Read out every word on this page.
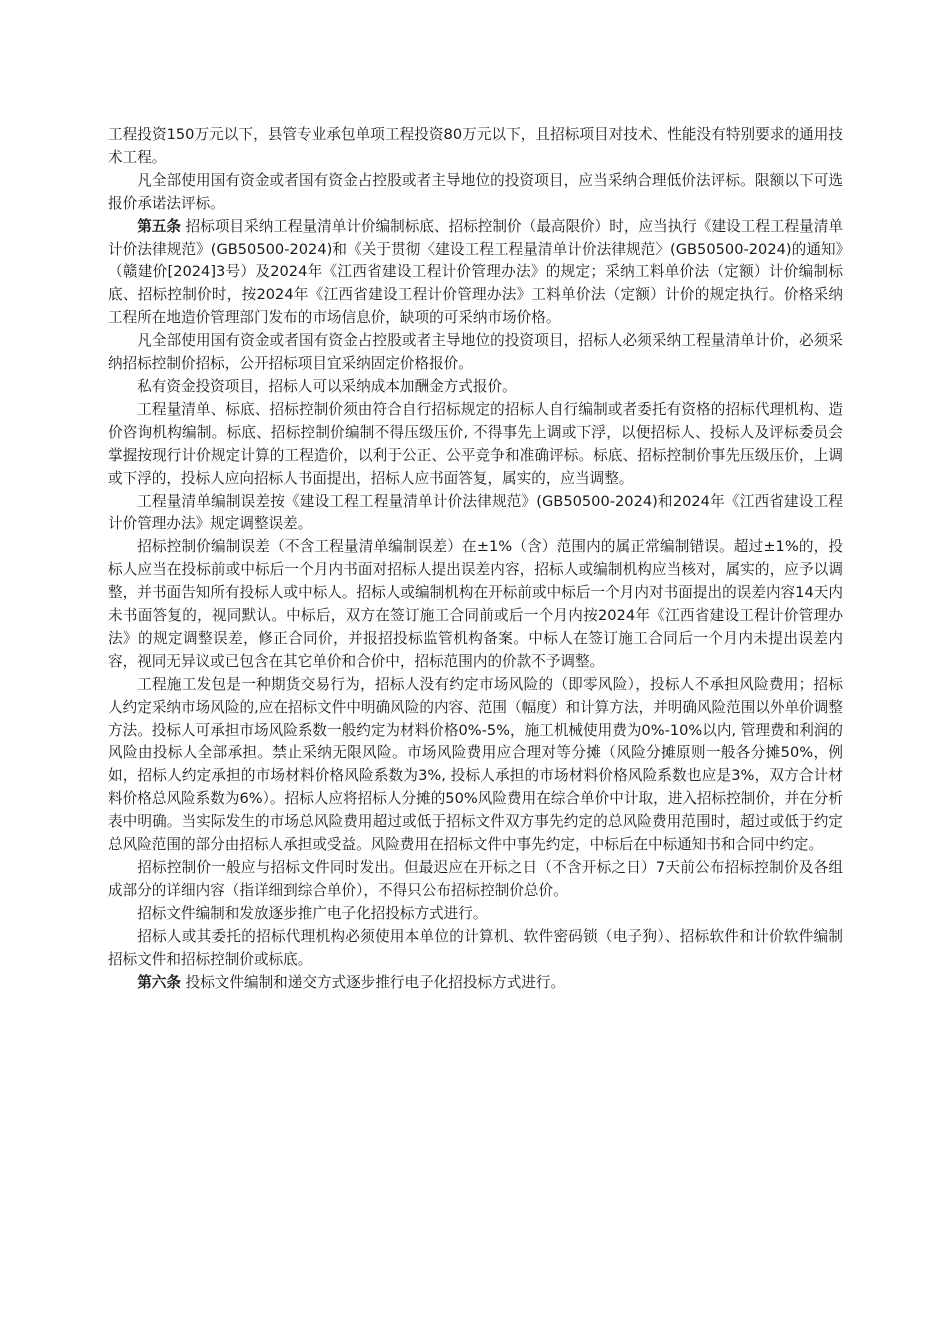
工程投资150万元以下，县管专业承包单项工程投资80万元以下，且招标项目对技术、性能没有特别要求的通用技术工程。

凡全部使用国有资金或者国有资金占控股或者主导地位的投资项目，应当采纳合理低价法评标。限额以下可选报价承诺法评标。

第五条 招标项目采纳工程量清单计价编制标底、招标控制价（最高限价）时，应当执行《建设工程工程量清单计价法律规范》(GB50500-2024)和《关于贯彻〈建设工程工程量清单计价法律规范〉(GB50500-2024)的通知》（赣建价[2024]3号）及2024年《江西省建设工程计价管理办法》的规定；采纳工料单价法（定额）计价编制标底、招标控制价时，按2024年《江西省建设工程计价管理办法》工料单价法（定额）计价的规定执行。价格采纳工程所在地造价管理部门发布的市场信息价，缺项的可采纳市场价格。

凡全部使用国有资金或者国有资金占控股或者主导地位的投资项目，招标人必须采纳工程量清单计价，必须采纳招标控制价招标，公开招标项目宜采纳固定价格报价。

私有资金投资项目，招标人可以采纳成本加酬金方式报价。

工程量清单、标底、招标控制价须由符合自行招标规定的招标人自行编制或者委托有资格的招标代理机构、造价咨询机构编制。标底、招标控制价编制不得压级压价, 不得事先上调或下浮，以便招标人、投标人及评标委员会掌握按现行计价规定计算的工程造价，以利于公正、公平竞争和准确评标。标底、招标控制价事先压级压价，上调或下浮的，投标人应向招标人书面提出，招标人应书面答复，属实的，应当调整。

工程量清单编制误差按《建设工程工程量清单计价法律规范》(GB50500-2024)和2024年《江西省建设工程计价管理办法》规定调整误差。

招标控制价编制误差（不含工程量清单编制误差）在±1%（含）范围内的属正常编制错误。超过±1%的，投标人应当在投标前或中标后一个月内书面对招标人提出误差内容，招标人或编制机构应当核对，属实的，应予以调整，并书面告知所有投标人或中标人。招标人或编制机构在开标前或中标后一个月内对书面提出的误差内容14天内未书面答复的，视同默认。中标后，双方在签订施工合同前或后一个月内按2024年《江西省建设工程计价管理办法》的规定调整误差，修正合同价，并报招投标监管机构备案。中标人在签订施工合同后一个月内未提出误差内容，视同无异议或已包含在其它单价和合价中，招标范围内的价款不予调整。

工程施工发包是一种期货交易行为，招标人没有约定市场风险的（即零风险），投标人不承担风险费用；招标人约定采纳市场风险的,应在招标文件中明确风险的内容、范围（幅度）和计算方法，并明确风险范围以外单价调整方法。投标人可承担市场风险系数一般约定为材料价格0%-5%，施工机械使用费为0%-10%以内, 管理费和利润的风险由投标人全部承担。禁止采纳无限风险。市场风险费用应合理对等分摊（风险分摊原则一般各分摊50%，例如，招标人约定承担的市场材料价格风险系数为3%, 投标人承担的市场材料价格风险系数也应是3%，双方合计材料价格总风险系数为6%）。招标人应将招标人分摊的50%风险费用在综合单价中计取，进入招标控制价，并在分析表中明确。当实际发生的市场总风险费用超过或低于招标文件双方事先约定的总风险费用范围时，超过或低于约定总风险范围的部分由招标人承担或受益。风险费用在招标文件中事先约定，中标后在中标通知书和合同中约定。

招标控制价一般应与招标文件同时发出。但最迟应在开标之日（不含开标之日）7天前公布招标控制价及各组成部分的详细内容（指详细到综合单价），不得只公布招标控制价总价。

招标文件编制和发放逐步推广电子化招投标方式进行。

招标人或其委托的招标代理机构必须使用本单位的计算机、软件密码锁（电子狗）、招标软件和计价软件编制招标文件和招标控制价或标底。

第六条 投标文件编制和递交方式逐步推行电子化招投标方式进行。
